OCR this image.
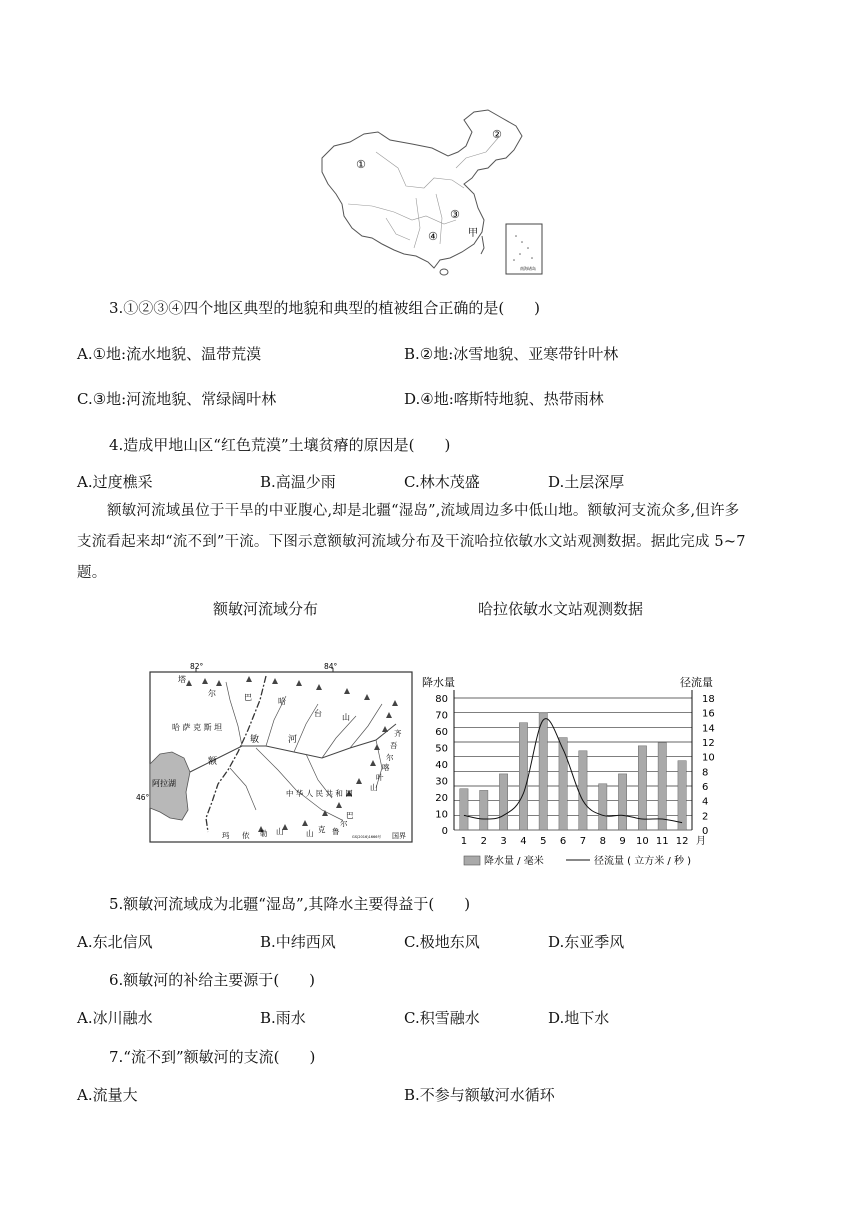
南海诸岛
①
②
③
④	甲
3.①②③④四个地区典型的地貌和典型的植被组合正确的是(　　)
A.①地:流水地貌、温带荒漠	B.②地:冰雪地貌、亚寒带针叶林
C.③地:河流地貌、常绿阔叶林	D.④地:喀斯特地貌、热带雨林
4.造成甲地山区“红色荒漠”土壤贫瘠的原因是(　　)
A.过度樵采	B.高温少雨	C.林木茂盛	D.土层深厚
额敏河流域虽位于干旱的中亚腹心,却是北疆“湿岛”,流域周边多中低山地。额敏河支流众多,但许多
支流看起来却“流不到”干流。下图示意额敏河流域分布及干流哈拉依敏水文站观测数据。据此完成 5~7
题。
额敏河流域分布	哈拉依敏水文站观测数据
82°	84°
46°
阿拉湖
哈 萨 克 斯 坦
中 华 人 民 共 和 国
额
敏	河
塔
尔	巴	哈
台	山
齐
吾
尔
喀
叶
山
巴
尔
鲁
克
山
玛 依 勒 山
GS(2016)1666号 国界
降水量	径流量
0
2
4
6
8
10
12
14
16
18
0
10
20
30
40
50
60
70
80
1 2 3 4 5 6 7 8 9 10 11 12 月
降水量 / 毫米	径流量 ( 立方米 / 秒 )
5.额敏河流域成为北疆“湿岛”,其降水主要得益于(　　)
A.东北信风	B.中纬西风	C.极地东风	D.东亚季风
6.额敏河的补给主要源于(　　)
A.冰川融水	B.雨水	C.积雪融水	D.地下水
7.“流不到”额敏河的支流(　　)
A.流量大	B.不参与额敏河水循环
